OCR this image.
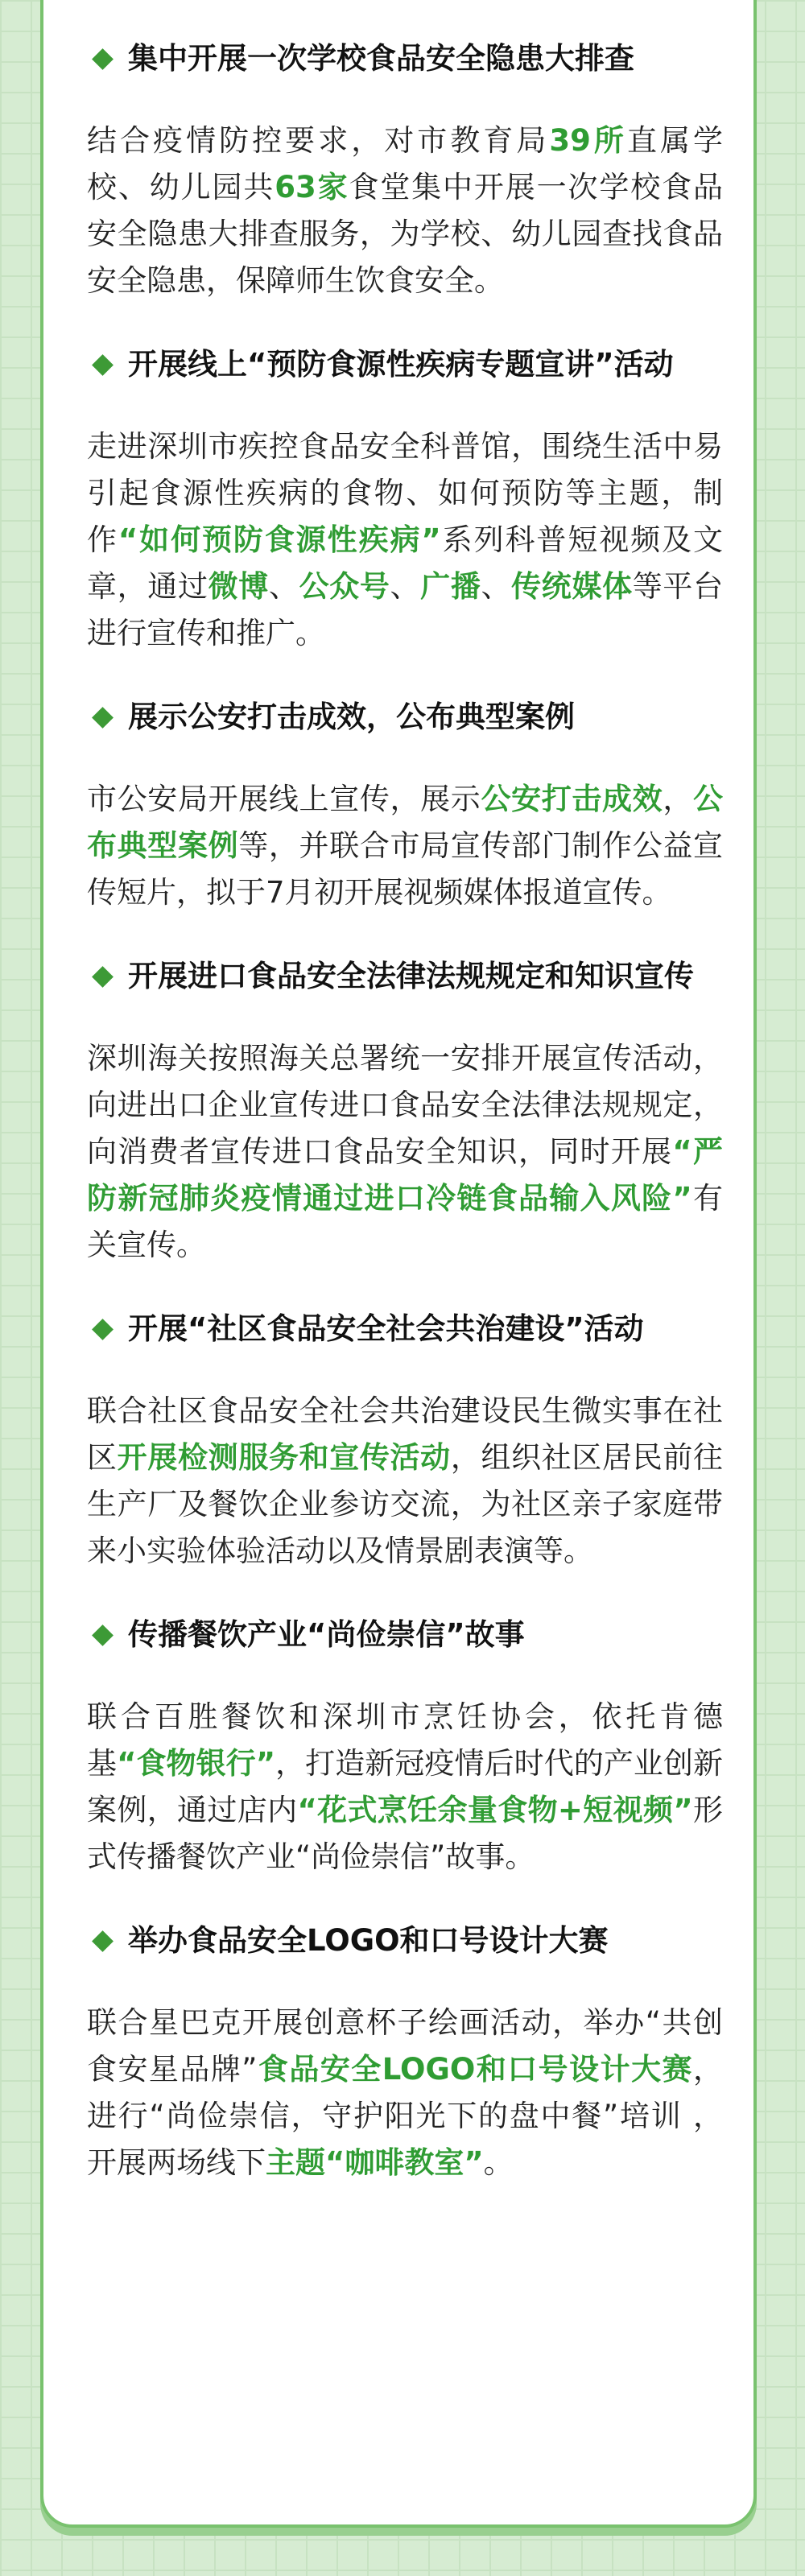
集中开展一次学校食品安全隐患大排查

结合疫情防控要求，对市教育局39所直属学校、幼儿园共63家食堂集中开展一次学校食品安全隐患大排查服务，为学校、幼儿园查找食品安全隐患，保障师生饮食安全。

开展线上“预防食源性疾病专题宣讲”活动

走进深圳市疾控食品安全科普馆，围绕生活中易引起食源性疾病的食物、如何预防等主题，制作“如何预防食源性疾病”系列科普短视频及文章，通过微博、公众号、广播、传统媒体等平台进行宣传和推广。

展示公安打击成效，公布典型案例

市公安局开展线上宣传，展示公安打击成效，公布典型案例等，并联合市局宣传部门制作公益宣传短片，拟于7月初开展视频媒体报道宣传。

开展进口食品安全法律法规规定和知识宣传

深圳海关按照海关总署统一安排开展宣传活动，向进出口企业宣传进口食品安全法律法规规定，向消费者宣传进口食品安全知识，同时开展“严防新冠肺炎疫情通过进口冷链食品输入风险”有关宣传。

开展“社区食品安全社会共治建设”活动

联合社区食品安全社会共治建设民生微实事在社区开展检测服务和宣传活动，组织社区居民前往生产厂及餐饮企业参访交流，为社区亲子家庭带来小实验体验活动以及情景剧表演等。

传播餐饮产业“尚俭崇信”故事

联合百胜餐饮和深圳市烹饪协会，依托肯德基“食物银行”，打造新冠疫情后时代的产业创新案例，通过店内“花式烹饪余量食物+短视频”形式传播餐饮产业“尚俭崇信”故事。

举办食品安全LOGO和口号设计大赛

联合星巴克开展创意杯子绘画活动，举办“共创食安星品牌”食品安全LOGO和口号设计大赛，进行“尚俭崇信，守护阳光下的盘中餐”培训 ，开展两场线下主题“咖啡教室”。
